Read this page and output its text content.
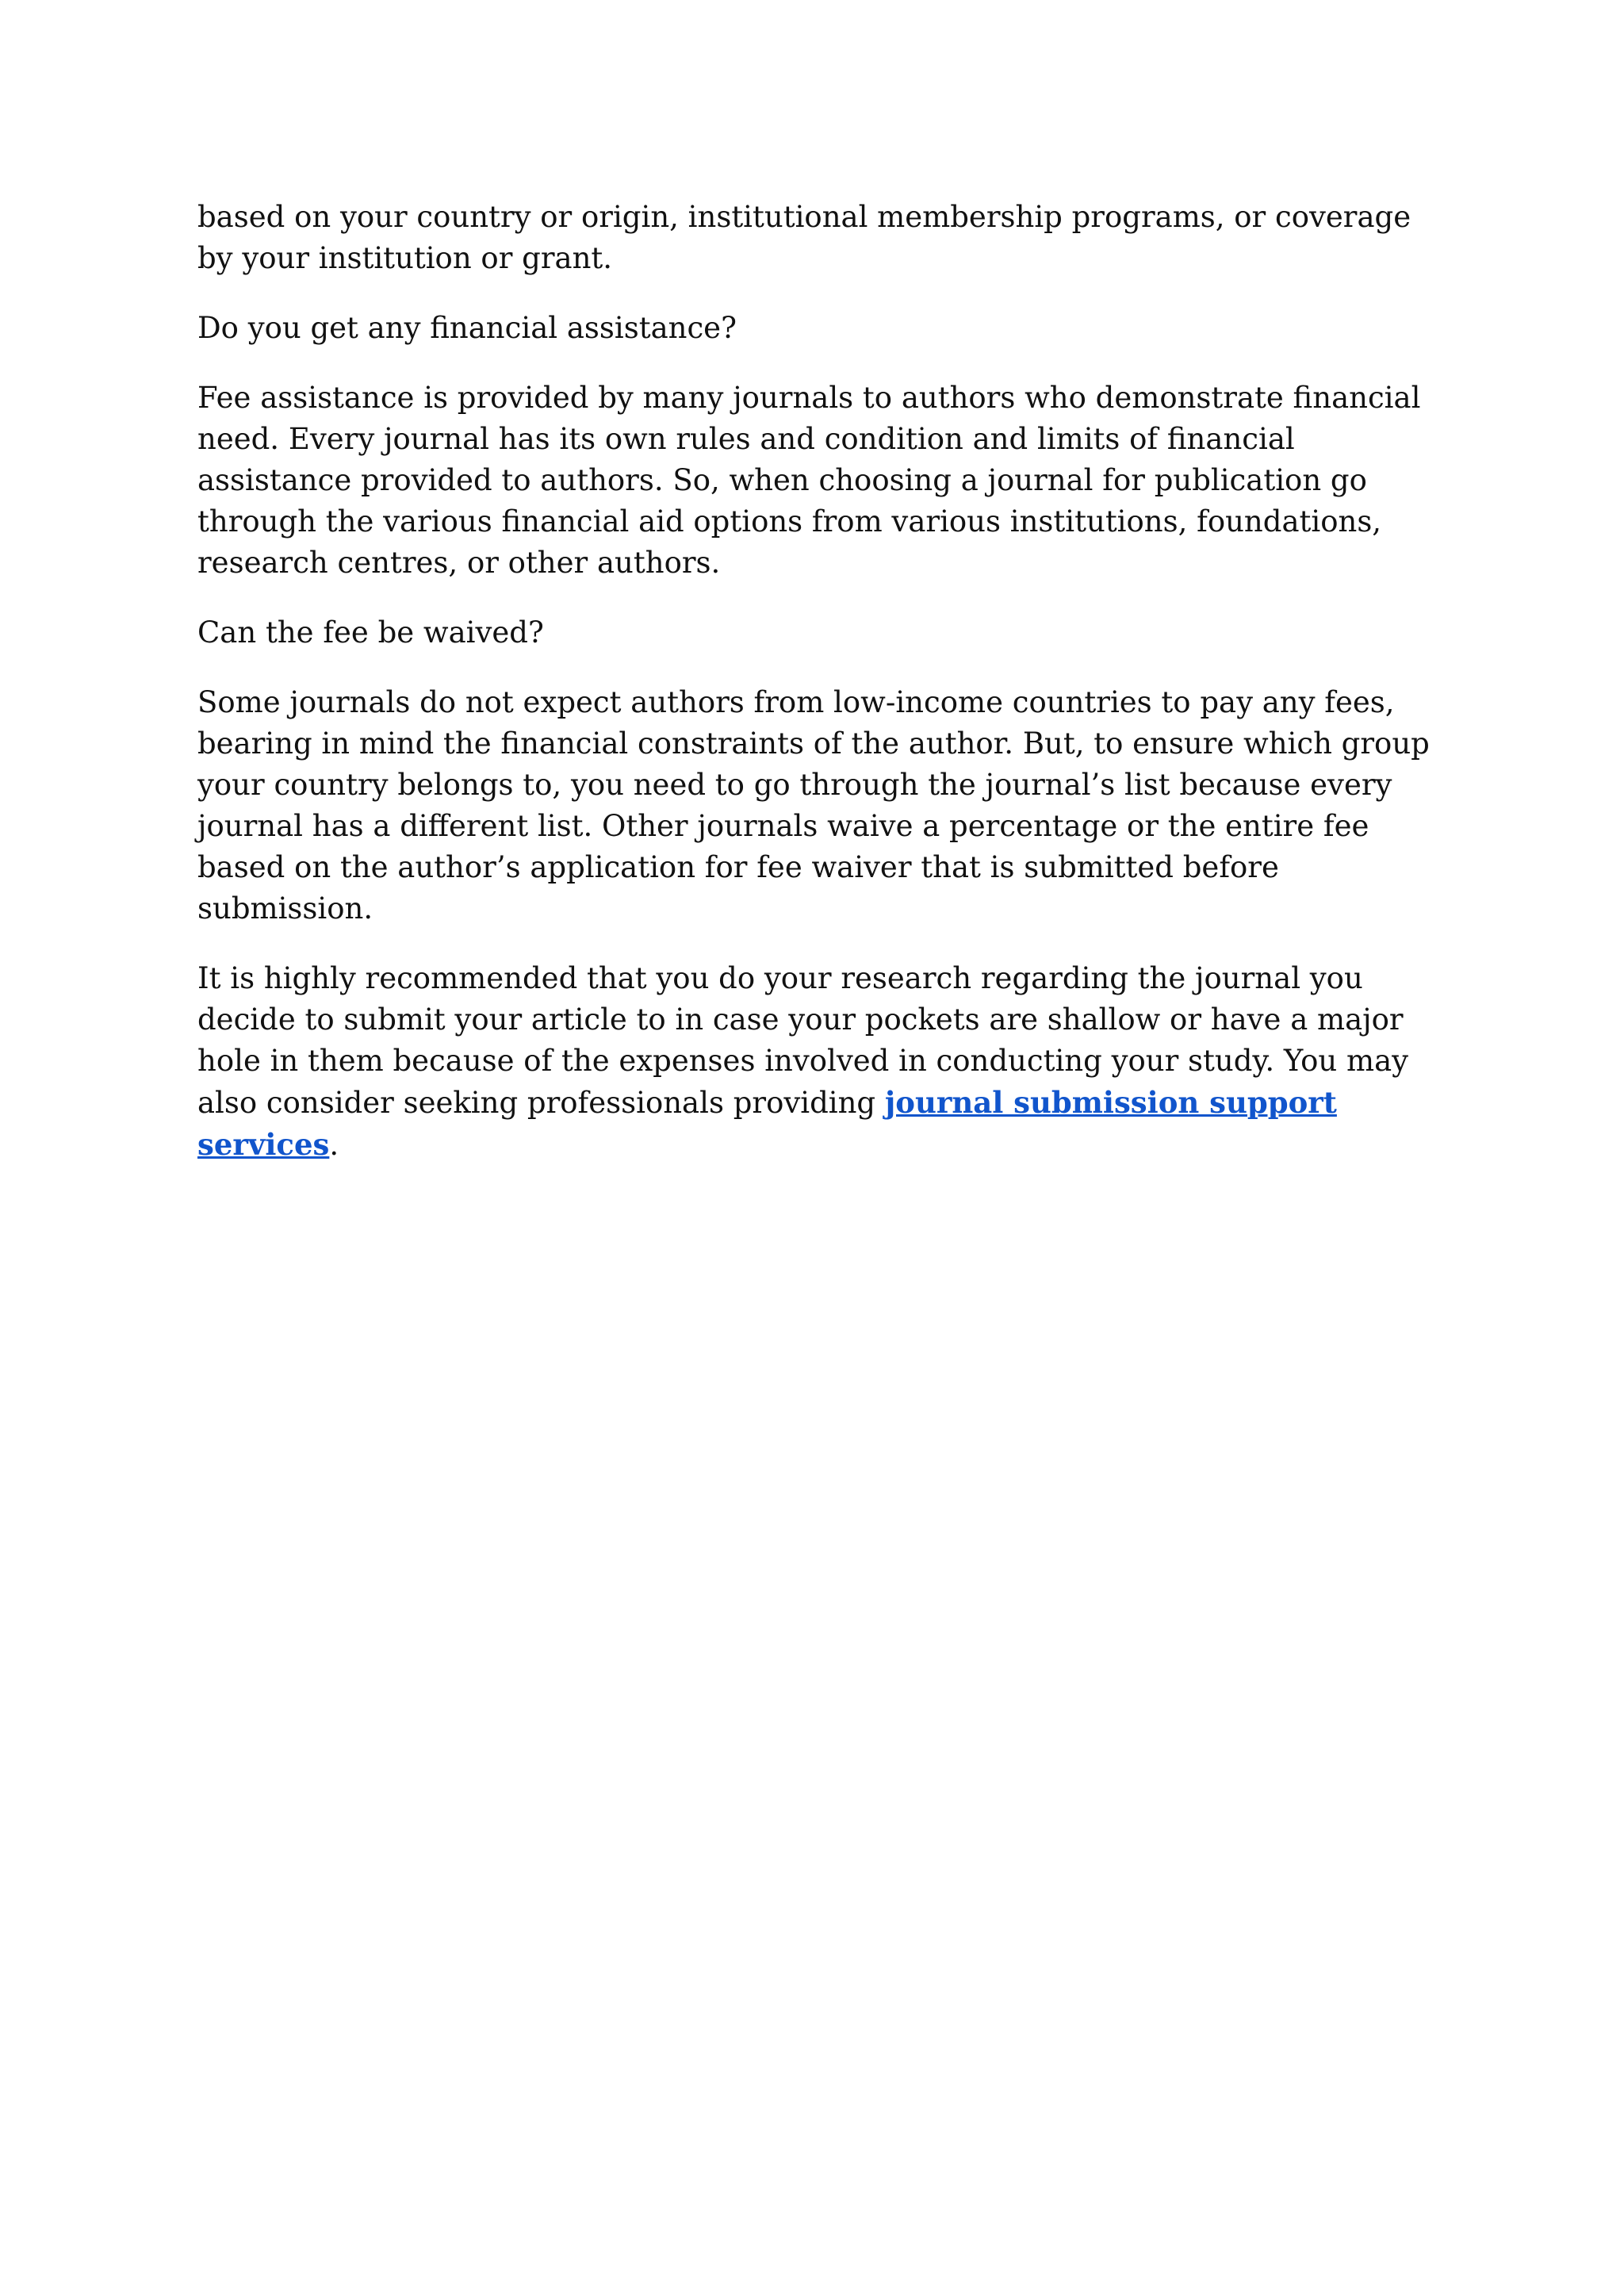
based on your country or origin, institutional membership programs, or coverage by your institution or grant.

Do you get any financial assistance?

Fee assistance is provided by many journals to authors who demonstrate financial need. Every journal has its own rules and condition and limits of financial assistance provided to authors. So, when choosing a journal for publication go through the various financial aid options from various institutions, foundations, research centres, or other authors.

Can the fee be waived?

Some journals do not expect authors from low-income countries to pay any fees, bearing in mind the financial constraints of the author. But, to ensure which group your country belongs to, you need to go through the journal’s list because every journal has a different list. Other journals waive a percentage or the entire fee based on the author’s application for fee waiver that is submitted before submission.

It is highly recommended that you do your research regarding the journal you decide to submit your article to in case your pockets are shallow or have a major hole in them because of the expenses involved in conducting your study. You may also consider seeking professionals providing journal submission support services.
